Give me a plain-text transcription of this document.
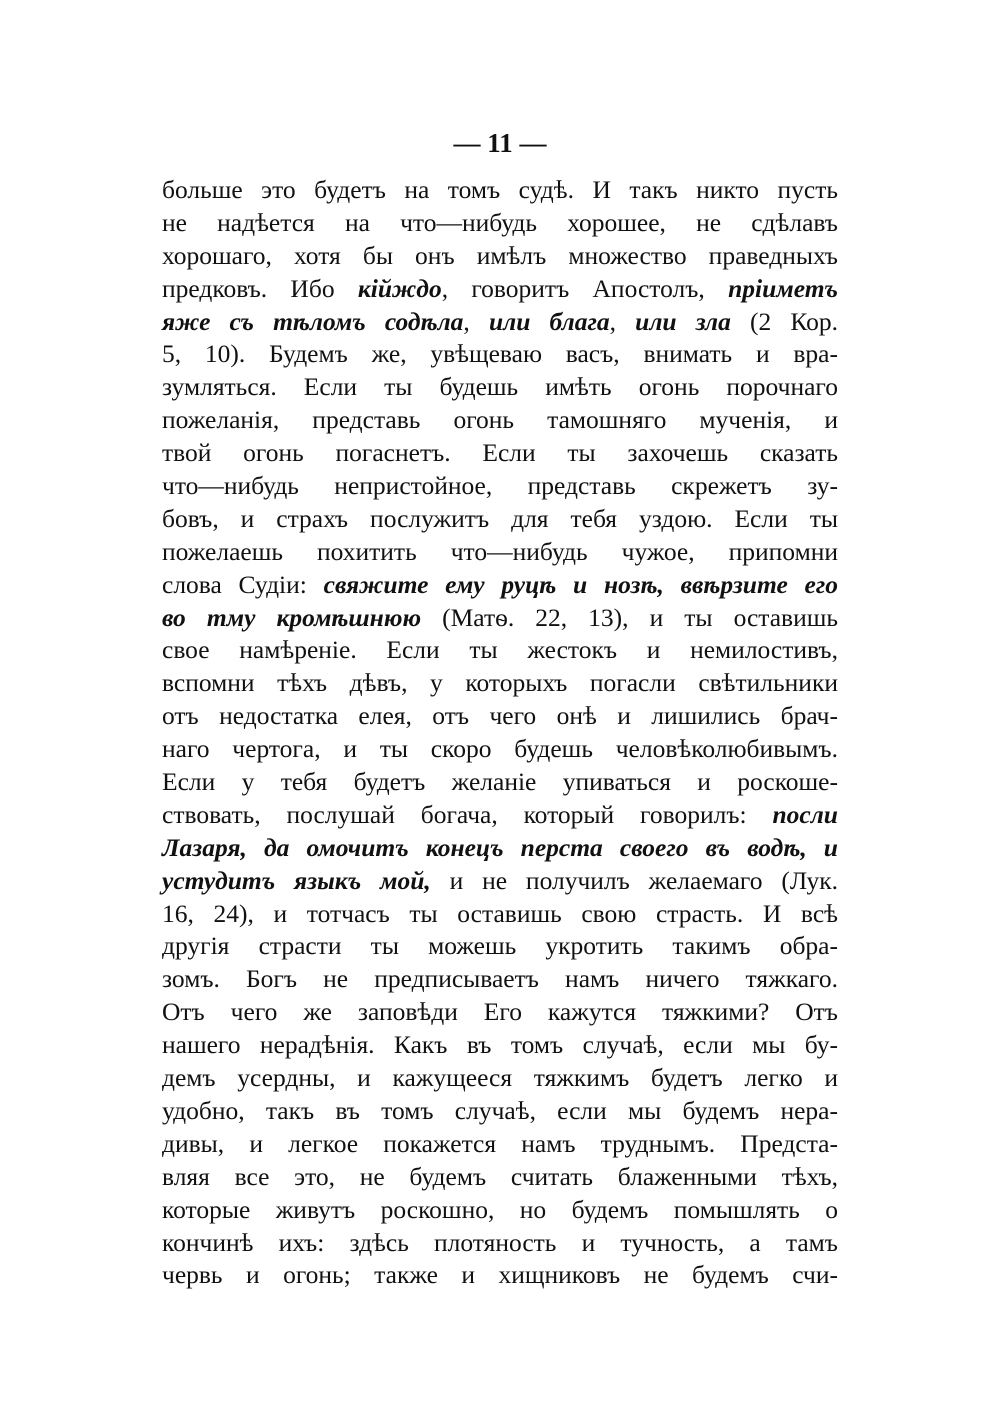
— 11 —
больше это будетъ на томъ судѣ. И такъ никто пусть
не надѣется на что—нибудь хорошее, не сдѣлавъ
хорошаго, хотя бы онъ имѣлъ множество праведныхъ
предковъ. Ибо кійждо, говоритъ Апостолъ, пріиметъ
яже съ тѣломъ содѣла, или блага, или зла (2 Кор.
5, 10). Будемъ же, увѣщеваю васъ, внимать и вра-
зумляться. Если ты будешь имѣть огонь порочнаго
пожеланія, представь огонь тамошняго мученія, и
твой огонь погаснетъ. Если ты захочешь сказать
что—нибудь непристойное, представь скрежетъ зу-
бовъ, и страхъ послужитъ для тебя уздою. Если ты
пожелаешь похитить что—нибудь чужое, припомни
слова Судіи: свяжите ему руцѣ и нозѣ, ввѣрзите его
во тму кромѣшнюю (Матѳ. 22, 13), и ты оставишь
свое намѣреніе. Если ты жестокъ и немилостивъ,
вспомни тѣхъ дѣвъ, у которыхъ погасли свѣтильники
отъ недостатка елея, отъ чего онѣ и лишились брач-
наго чертога, и ты скоро будешь человѣколюбивымъ.
Если у тебя будетъ желаніе упиваться и роскоше-
ствовать, послушай богача, который говорилъ: посли
Лазаря, да омочитъ конецъ перста своего въ водѣ, и
устудитъ языкъ мой, и не получилъ желаемаго (Лук.
16, 24), и тотчасъ ты оставишь свою страсть. И всѣ
другія страсти ты можешь укротить такимъ обра-
зомъ. Богъ не предписываетъ намъ ничего тяжкаго.
Отъ чего же заповѣди Его кажутся тяжкими? Отъ
нашего нерадѣнія. Какъ въ томъ случаѣ, если мы бу-
демъ усердны, и кажущееся тяжкимъ будетъ легко и
удобно, такъ въ томъ случаѣ, если мы будемъ нера-
дивы, и легкое покажется намъ труднымъ. Предста-
вляя все это, не будемъ считать блаженными тѣхъ,
которые живутъ роскошно, но будемъ помышлять о
кончинѣ ихъ: здѣсь плотяность и тучность, а тамъ
червь и огонь; также и хищниковъ не будемъ счи-
